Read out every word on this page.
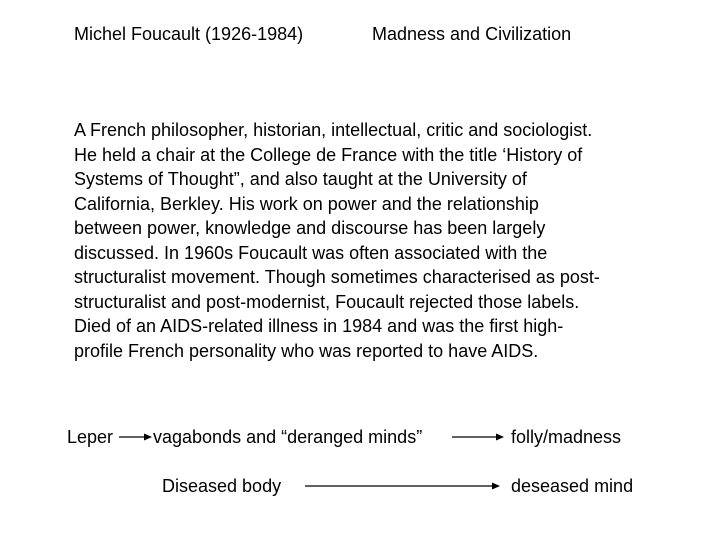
Michel Foucault (1926-1984)	Madness and Civilization
A French philosopher, historian, intellectual, critic and sociologist.
He held a chair at the College de France with the title ‘History of
Systems of Thought”, and also taught at the University of
California, Berkley. His work on power and the relationship
between power, knowledge and discourse has been largely
discussed. In 1960s Foucault was often associated with the
structuralist movement. Though sometimes characterised as post-
structuralist and post-modernist, Foucault rejected those labels.
Died of an AIDS-related illness in 1984 and was the first high-
profile French personality who was reported to have AIDS.
Leper vagabonds and “deranged minds”	folly/madness
Diseased body	deseased mind
